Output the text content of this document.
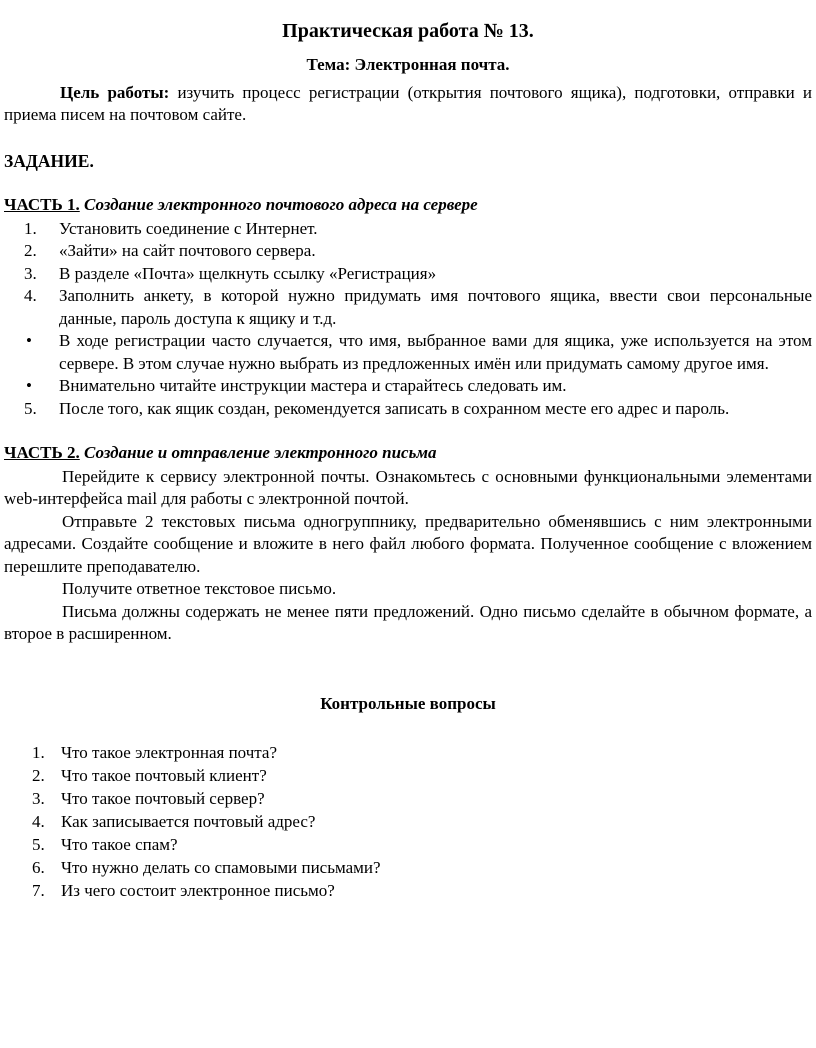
Практическая работа № 13.
Тема: Электронная почта.

Цель работы: изучить процесс регистрации (открытия почтового ящика), подготовки, отправки и приема писем на почтовом сайте.

ЗАДАНИЕ.

ЧАСТЬ 1. Создание электронного почтового адреса на сервере

1.	Установить соединение с Интернет.
2.	«Зайти» на сайт почтового сервера.
3.	В разделе «Почта» щелкнуть ссылку «Регистрация»
4.	Заполнить анкету, в которой нужно придумать имя почтового ящика, ввести свои персональные данные, пароль доступа к ящику и т.д.
•	В ходе регистрации часто случается, что имя, выбранное вами для ящика, уже используется на этом сервере. В этом случае нужно выбрать из предложенных имён или придумать самому другое имя.
•	Внимательно читайте инструкции мастера и старайтесь следовать им.
5.	После того, как ящик создан, рекомендуется записать в сохранном месте его адрес и пароль.

ЧАСТЬ 2. Создание и отправление электронного письма

Перейдите к сервису электронной почты. Ознакомьтесь с основными функциональными элементами web-интерфейса mail для работы с электронной почтой.

Отправьте 2 текстовых письма одногруппнику, предварительно обменявшись с ним электронными адресами. Создайте сообщение и вложите в него файл любого формата. Полученное сообщение с вложением перешлите преподавателю.

Получите ответное текстовое письмо.

Письма должны содержать не менее пяти предложений. Одно письмо сделайте в обычном формате, а второе в расширенном.

Контрольные вопросы
1. Что такое электронная почта?
2. Что такое почтовый клиент?
3. Что такое почтовый сервер?
4. Как записывается почтовый адрес?
5. Что такое спам?
6. Что нужно делать со спамовыми письмами?
7. Из чего состоит электронное письмо?
